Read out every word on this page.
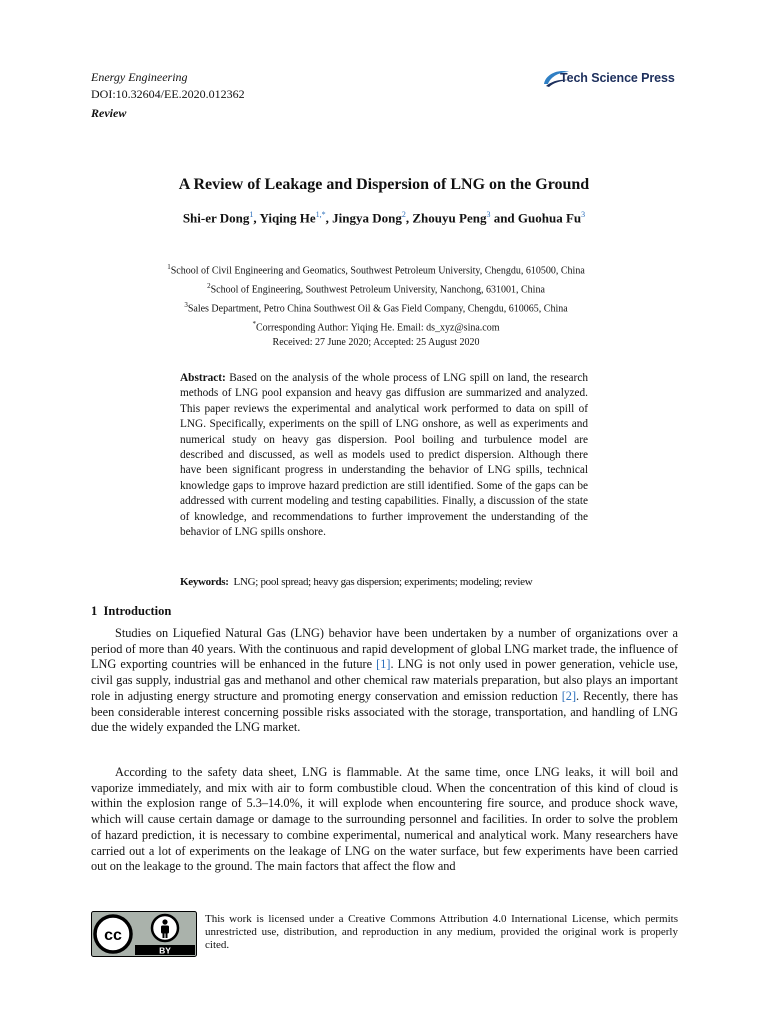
Energy Engineering
DOI:10.32604/EE.2020.012362
Review
Tech Science Press
A Review of Leakage and Dispersion of LNG on the Ground
Shi-er Dong$^1$, Yiqing $He^{1,*}$, Jingya Dong$^2$, Zhouyu Peng$^3$ and Guohua Fu$^3$
$^1$School of Civil Engineering and Geomatics, Southwest Petroleum University, Chengdu, 610500, China
$^2$School of Engineering, Southwest Petroleum University, Nanchong, 631001, China
$^3$Sales Department, Petro China Southwest Oil & Gas Field Company, Chengdu, 610065, China
*Corresponding Author: Yiqing He. Email: ds_xyz@sina.com
Received: 27 June 2020; Accepted: 25 August 2020
Abstract: Based on the analysis of the whole process of LNG spill on land, the research methods of LNG pool expansion and heavy gas diffusion are summarized and analyzed. This paper reviews the experimental and analytical work performed to data on spill of LNG. Specifically, experiments on the spill of LNG onshore, as well as experiments and numerical study on heavy gas dispersion. Pool boiling and turbulence model are described and discussed, as well as models used to predict dispersion. Although there have been significant progress in understanding the behavior of LNG spills, technical knowledge gaps to improve hazard prediction are still identified. Some of the gaps can be addressed with current modeling and testing capabilities. Finally, a discussion of the state of knowledge, and recommendations to further improvement the understanding of the behavior of LNG spills onshore.
Keywords: LNG; pool spread; heavy gas dispersion; experiments; modeling; review
1 Introduction

Studies on Liquefied Natural Gas (LNG) behavior have been undertaken by a number of organizations over a period of more than 40 years. With the continuous and rapid development of global LNG market trade, the influence of LNG exporting countries will be enhanced in the future [1]. LNG is not only used in power generation, vehicle use, civil gas supply, industrial gas and methanol and other chemical raw materials preparation, but also plays an important role in adjusting energy structure and promoting energy conservation and emission reduction [2]. Recently, there has been considerable interest concerning possible risks associated with the storage, transportation, and handling of LNG due the widely expanded the LNG market.

According to the safety data sheet, LNG is flammable. At the same time, once LNG leaks, it will boil and vaporize immediately, and mix with air to form combustible cloud. When the concentration of this kind of cloud is within the explosion range of 5.3–14.0%, it will explode when encountering fire source, and produce shock wave, which will cause certain damage or damage to the surrounding personnel and facilities. In order to solve the problem of hazard prediction, it is necessary to combine experimental, numerical and analytical work. Many researchers have carried out a lot of experiments on the leakage of LNG on the water surface, but few experiments have been carried out on the leakage to the ground. The main factors that affect the flow and

cc
BY
This work is licensed under a Creative Commons Attribution 4.0 International License, which permits unrestricted use, distribution, and reproduction in any medium, provided the original work is properly cited.
